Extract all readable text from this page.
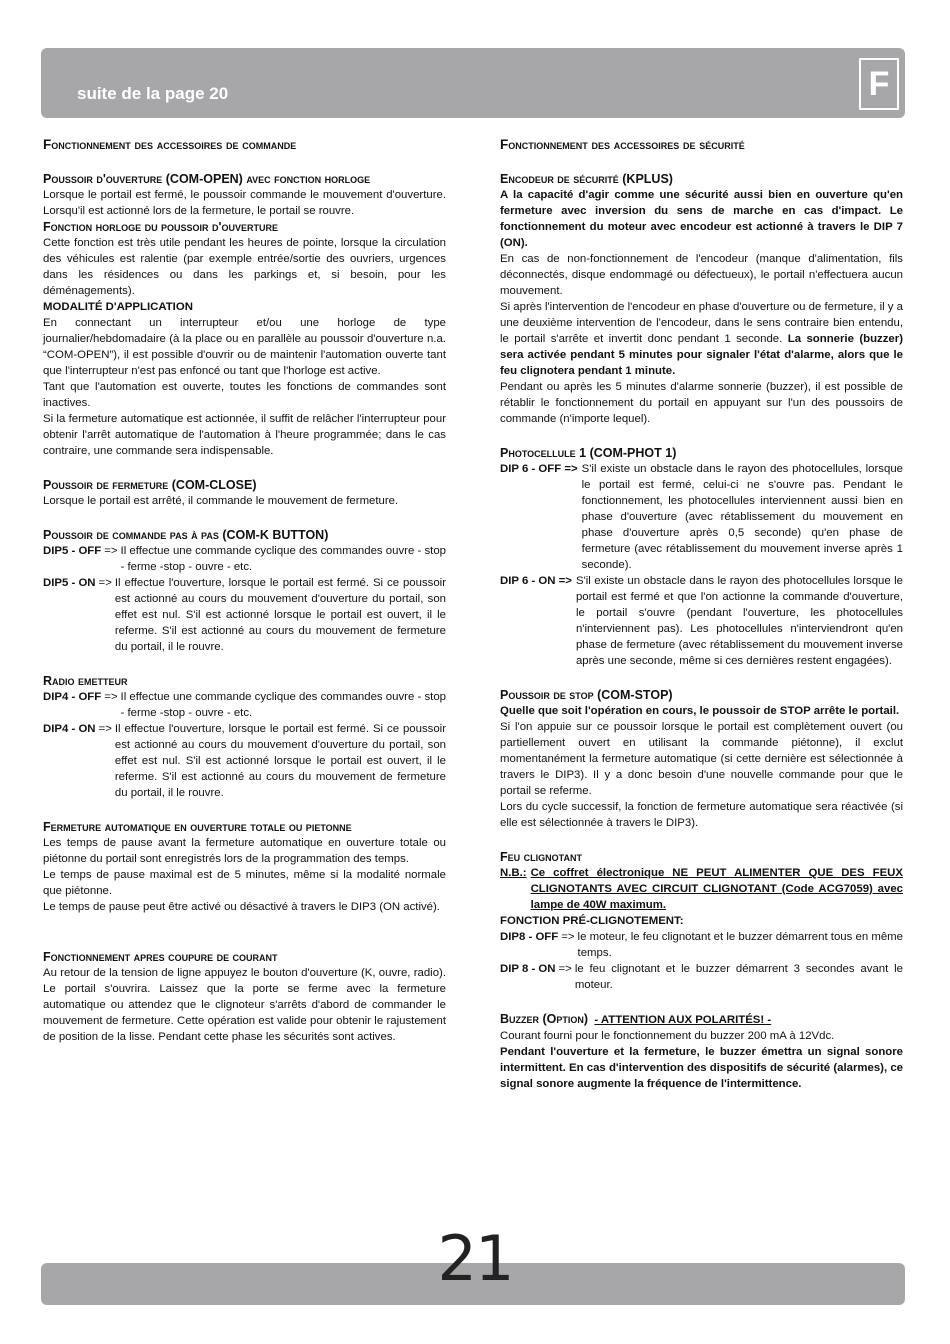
suite de la page 20	F
Fonctionnement des accessoires de commande
Poussoir d'ouverture (COM-OPEN) avec fonction horloge

Lorsque le portail est fermé, le poussoir commande le mouvement d'ouverture. Lorsqu'il est actionné lors de la fermeture, le portail se rouvre.

Fonction horloge du poussoir d'ouverture

Cette fonction est très utile pendant les heures de pointe, lorsque la circulation des véhicules est ralentie (par exemple entrée/sortie des ouvriers, urgences dans les résidences ou dans les parkings et, si besoin, pour les déménagements).

MODALITÉ D'APPLICATION

En connectant un interrupteur et/ou une horloge de type journalier/hebdomadaire (à la place ou en parallèle au poussoir d'ouverture n.a. “COM-OPEN”), il est possible d'ouvrir ou de maintenir l'automation ouverte tant que l'interrupteur n'est pas enfoncé ou tant que l'horloge est active.

Tant que l'automation est ouverte, toutes les fonctions de commandes sont inactives.

Si la fermeture automatique est actionnée, il suffit de relâcher l'interrupteur pour obtenir l'arrêt automatique de l'automation à l'heure programmée; dans le cas contraire, une commande sera indispensable.

Poussoir de fermeture (COM-CLOSE)

Lorsque le portail est arrêté, il commande le mouvement de fermeture.

Poussoir de commande pas à pas (COM-K BUTTON)
DIP5 - OFF => Il effectue une commande cyclique des commandes ouvre - stop - ferme -stop - ouvre - etc.
DIP5 - ON => Il effectue l'ouverture, lorsque le portail est fermé. Si ce poussoir est actionné au cours du mouvement d'ouverture du portail, son effet est nul. S'il est actionné lorsque le portail est ouvert, il le referme. S'il est actionné au cours du mouvement de fermeture du portail, il le rouvre.
Radio emetteur
DIP4 - OFF => Il effectue une commande cyclique des commandes ouvre - stop - ferme -stop - ouvre - etc.
DIP4 - ON => Il effectue l'ouverture, lorsque le portail est fermé. Si ce poussoir est actionné au cours du mouvement d'ouverture du portail, son effet est nul. S'il est actionné lorsque le portail est ouvert, il le referme. S'il est actionné au cours du mouvement de fermeture du portail, il le rouvre.
Fermeture automatique en ouverture totale ou pietonne

Les temps de pause avant la fermeture automatique en ouverture totale ou piétonne du portail sont enregistrés lors de la programmation des temps.

Le temps de pause maximal est de 5 minutes, même si la modalité normale que piétonne.

Le temps de pause peut être activé ou désactivé à travers le DIP3 (ON activé).

Fonctionnement apres coupure de courant

Au retour de la tension de ligne appuyez le bouton d'ouverture (K, ouvre, radio). Le portail s'ouvrira. Laissez que la porte se ferme avec la fermeture automatique ou attendez que le clignoteur s'arrêts d'abord de commander le mouvement de fermeture. Cette opération est valide pour obtenir le rajustement de position de la lisse. Pendant cette phase les sécurités sont actives.

Fonctionnement des accessoires de sécurité
Encodeur de sécurité (KPLUS)

A la capacité d'agir comme une sécurité aussi bien en ouverture qu'en fermeture avec inversion du sens de marche en cas d'impact. Le fonctionnement du moteur avec encodeur est actionné à travers le DIP 7 (ON).

En cas de non-fonctionnement de l'encodeur (manque d'alimentation, fils déconnectés, disque endommagé ou défectueux), le portail n'effectuera aucun mouvement.

Si après l'intervention de l'encodeur en phase d'ouverture ou de fermeture, il y a une deuxième intervention de l'encodeur, dans le sens contraire bien entendu, le portail s'arrête et invertit donc pendant 1 seconde. La sonnerie (buzzer) sera activée pendant 5 minutes pour signaler l'état d'alarme, alors que le feu clignotera pendant 1 minute.

Pendant ou après les 5 minutes d'alarme sonnerie (buzzer), il est possible de rétablir le fonctionnement du portail en appuyant sur l'un des poussoirs de commande (n'importe lequel).

Photocellule 1 (COM-PHOT 1)
DIP 6 - OFF => S'il existe un obstacle dans le rayon des photocellules, lorsque le portail est fermé, celui-ci ne s'ouvre pas. Pendant le fonctionnement, les photocellules interviennent aussi bien en phase d'ouverture (avec rétablissement du mouvement en phase d'ouverture après 0,5 seconde) qu'en phase de fermeture (avec rétablissement du mouvement inverse après 1 seconde).
DIP 6 - ON => S'il existe un obstacle dans le rayon des photocellules lorsque le portail est fermé et que l'on actionne la commande d'ouverture, le portail s'ouvre (pendant l'ouverture, les photocellules n'interviennent pas). Les photocellules n'interviendront qu'en phase de fermeture (avec rétablissement du mouvement inverse après une seconde, même si ces dernières restent engagées).
Poussoir de stop (COM-STOP)

Quelle que soit l'opération en cours, le poussoir de STOP arrête le portail.

Si l'on appuie sur ce poussoir lorsque le portail est complètement ouvert (ou partiellement ouvert en utilisant la commande piétonne), il exclut momentanément la fermeture automatique (si cette dernière est sélectionnée à travers le DIP3). Il y a donc besoin d'une nouvelle commande pour que le portail se referme.

Lors du cycle successif, la fonction de fermeture automatique sera réactivée (si elle est sélectionnée à travers le DIP3).

Feu clignotant
N.B.: Ce coffret électronique NE PEUT ALIMENTER QUE DES FEUX CLIGNOTANTS AVEC CIRCUIT CLIGNOTANT (Code ACG7059) avec lampe de 40W maximum.
FONCTION PRÉ-CLIGNOTEMENT:
DIP8 - OFF => le moteur, le feu clignotant et le buzzer démarrent tous en même temps.
DIP 8 - ON => le feu clignotant et le buzzer démarrent 3 secondes avant le moteur.
Buzzer (Option) - ATTENTION AUX POLARITÉS! -

Courant fourni pour le fonctionnement du buzzer 200 mA à 12Vdc.

Pendant l'ouverture et la fermeture, le buzzer émettra un signal sonore intermittent. En cas d'intervention des dispositifs de sécurité (alarmes), ce signal sonore augmente la fréquence de l'intermittence.

21
